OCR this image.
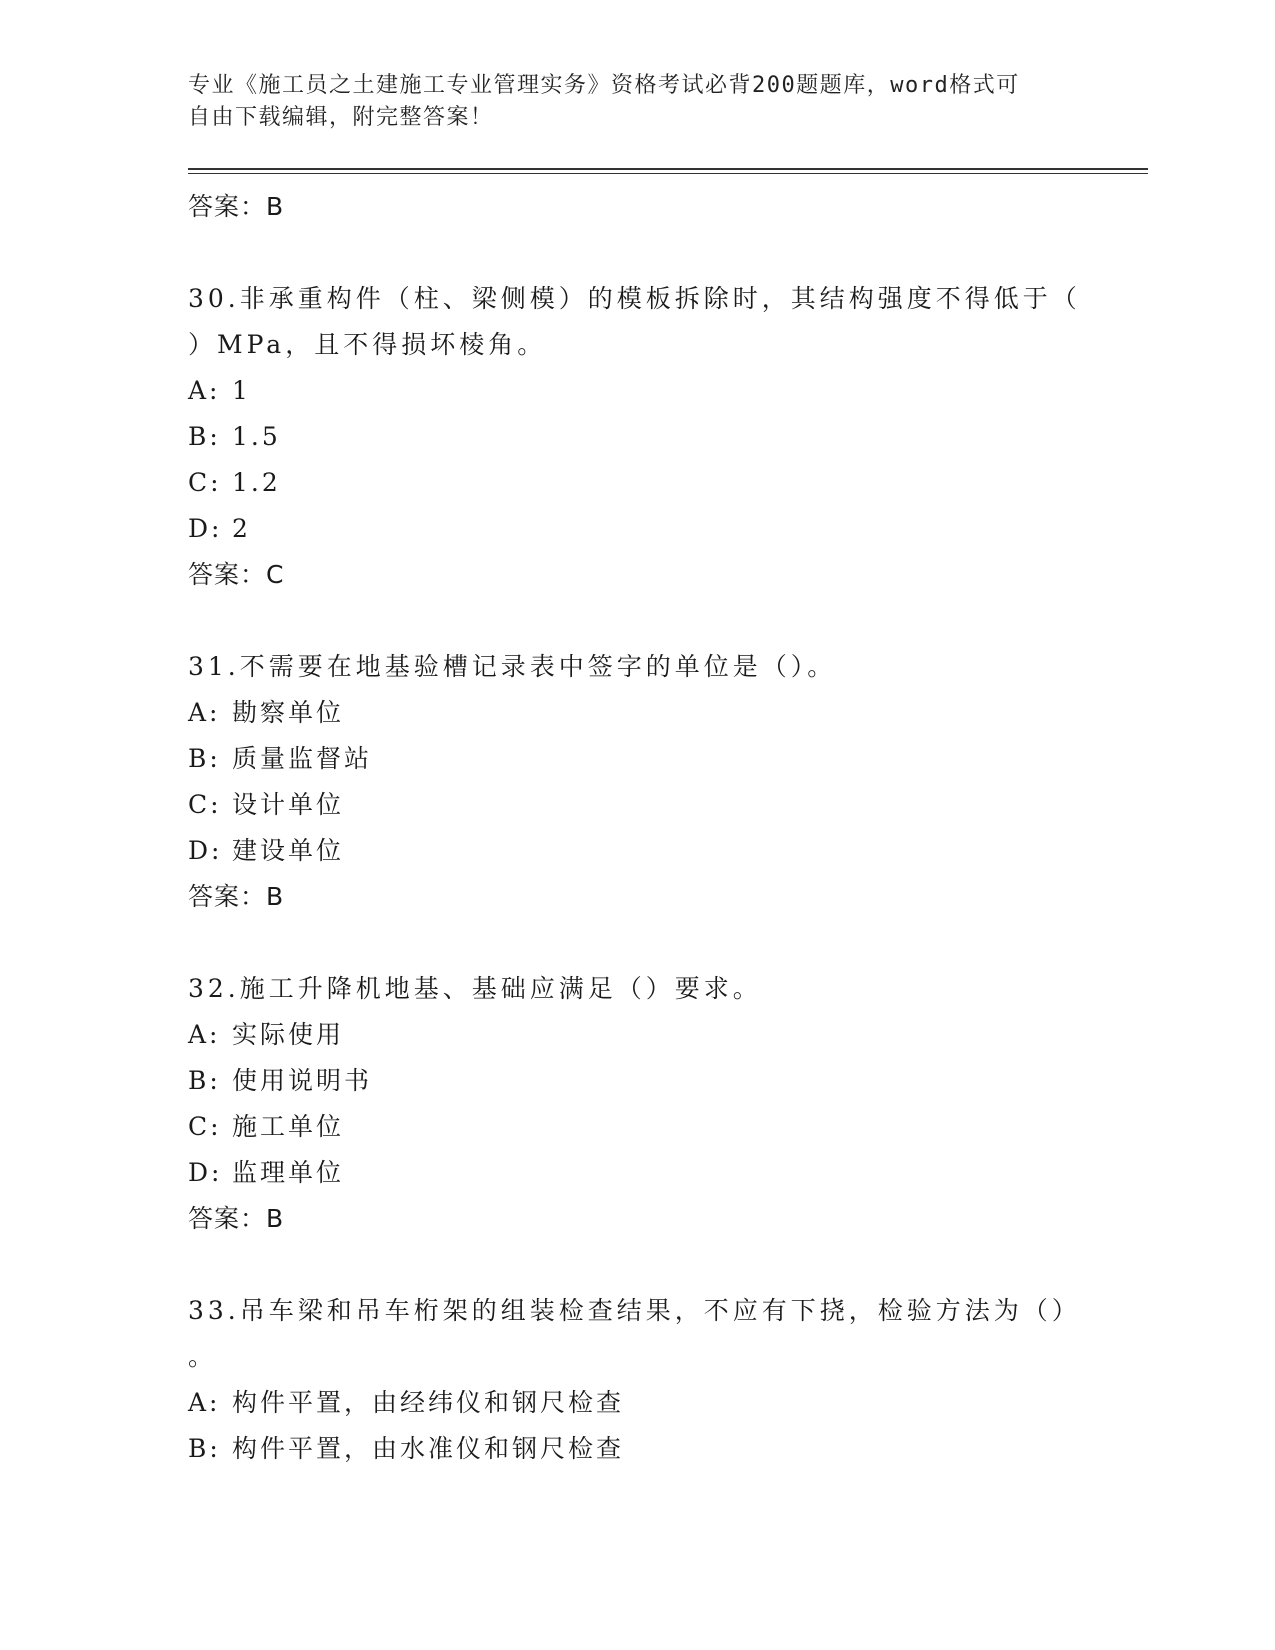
专业《施工员之土建施工专业管理实务》资格考试必背200题题库，word格式可
自由下载编辑，附完整答案！
答案：B
30.非承重构件（柱、梁侧模）的模板拆除时，其结构强度不得低于（
）MPa，且不得损坏棱角。
A: 1
B: 1.5
C: 1.2
D: 2
答案：C
31.不需要在地基验槽记录表中签字的单位是（）。
A: 勘察单位
B: 质量监督站
C: 设计单位
D: 建设单位
答案：B
32.施工升降机地基、基础应满足（）要求。
A: 实际使用
B: 使用说明书
C: 施工单位
D: 监理单位
答案：B
33.吊车梁和吊车桁架的组装检查结果，不应有下挠，检验方法为（）
。
A: 构件平置，由经纬仪和钢尺检查
B: 构件平置，由水准仪和钢尺检查
